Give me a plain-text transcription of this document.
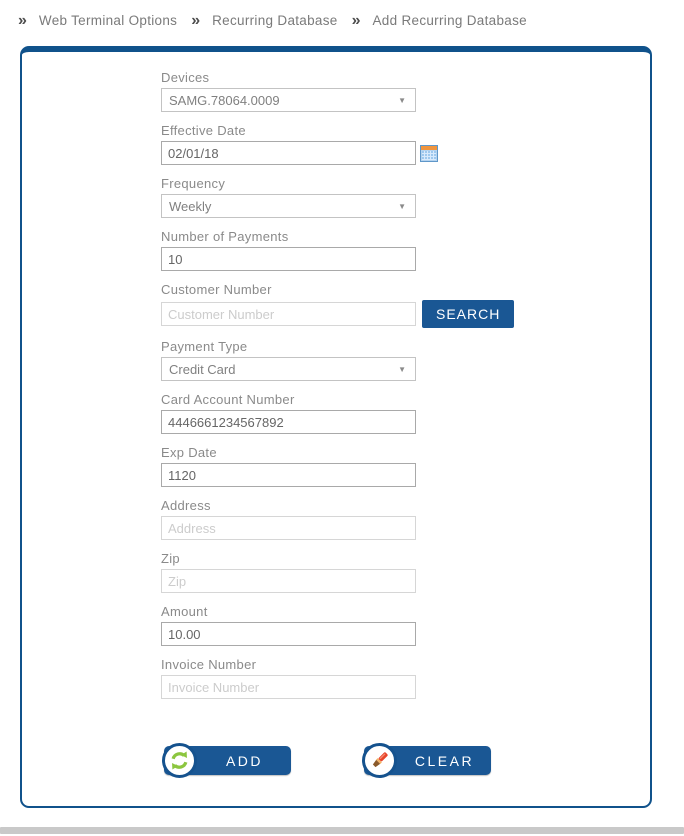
» Web Terminal Options » Recurring Database » Add Recurring Database
Devices
SAMG.78064.0009	▼
Effective Date
02/01/18
Frequency
Weekly	▼
Number of Payments
10
Customer Number
Customer Number
SEARCH
Payment Type
Credit Card	▼
Card Account Number
4446661234567892
Exp Date
1120
Address
Address
Zip
Zip
Amount
10.00
Invoice Number
Invoice Number
ADD	CLEAR
